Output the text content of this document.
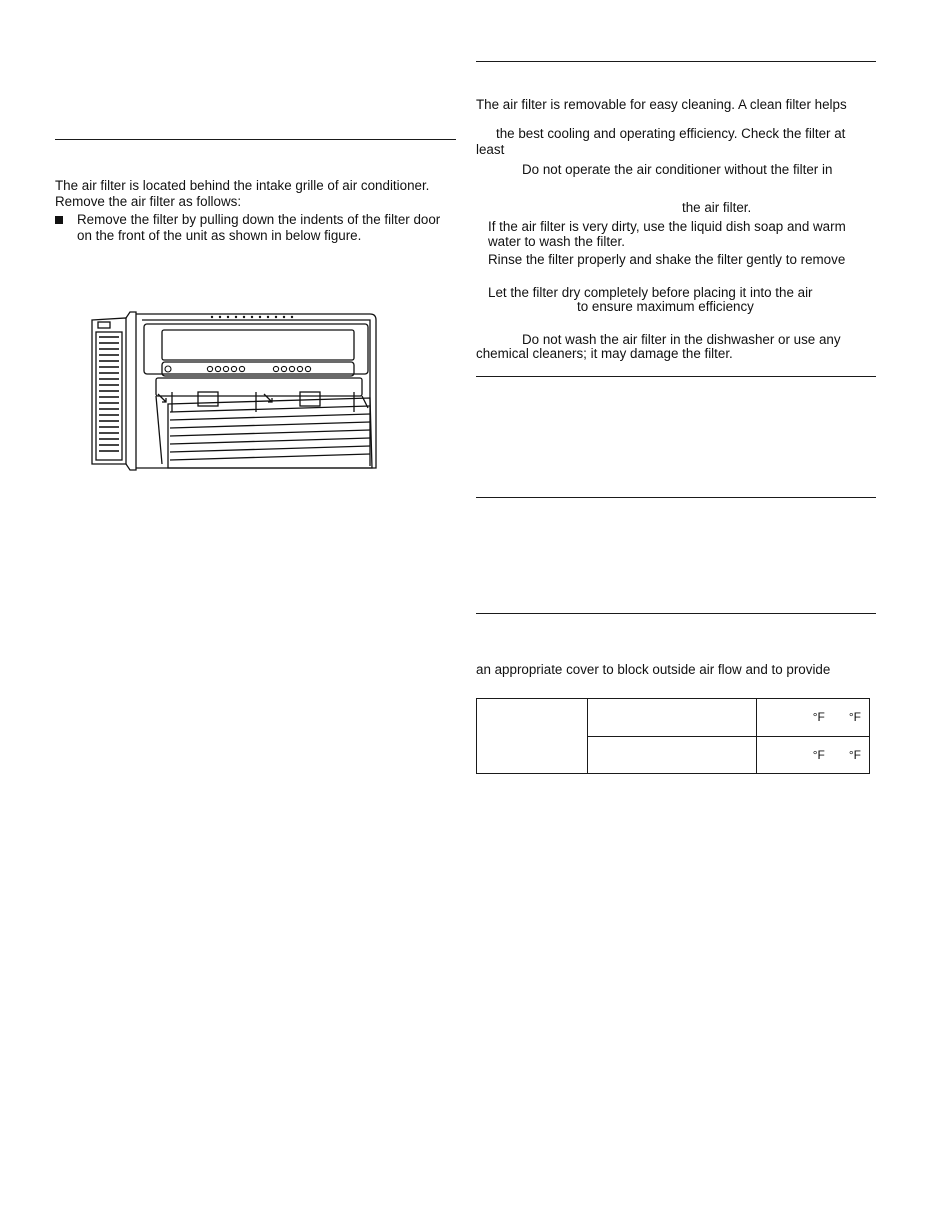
The air filter is located behind the intake grille of air conditioner.
Remove the air filter as follows:
Remove the filter by pulling down the indents of the filter door
on the front of the unit as shown in below figure.
The air filter is removable for easy cleaning. A clean filter helps
the best cooling and operating efficiency. Check the filter at
least
Do not operate the air conditioner without the filter in
the air filter.
If the air filter is very dirty, use the liquid dish soap and warm
water to wash the filter.
Rinse the filter properly and shake the filter gently to remove
Let the filter dry completely before placing it into the air
to ensure maximum efficiency
Do not wash the air filter in the dishwasher or use any
chemical cleaners; it may damage the filter.
an appropriate cover to block outside air flow and to provide
		°F °F
		°F °F
